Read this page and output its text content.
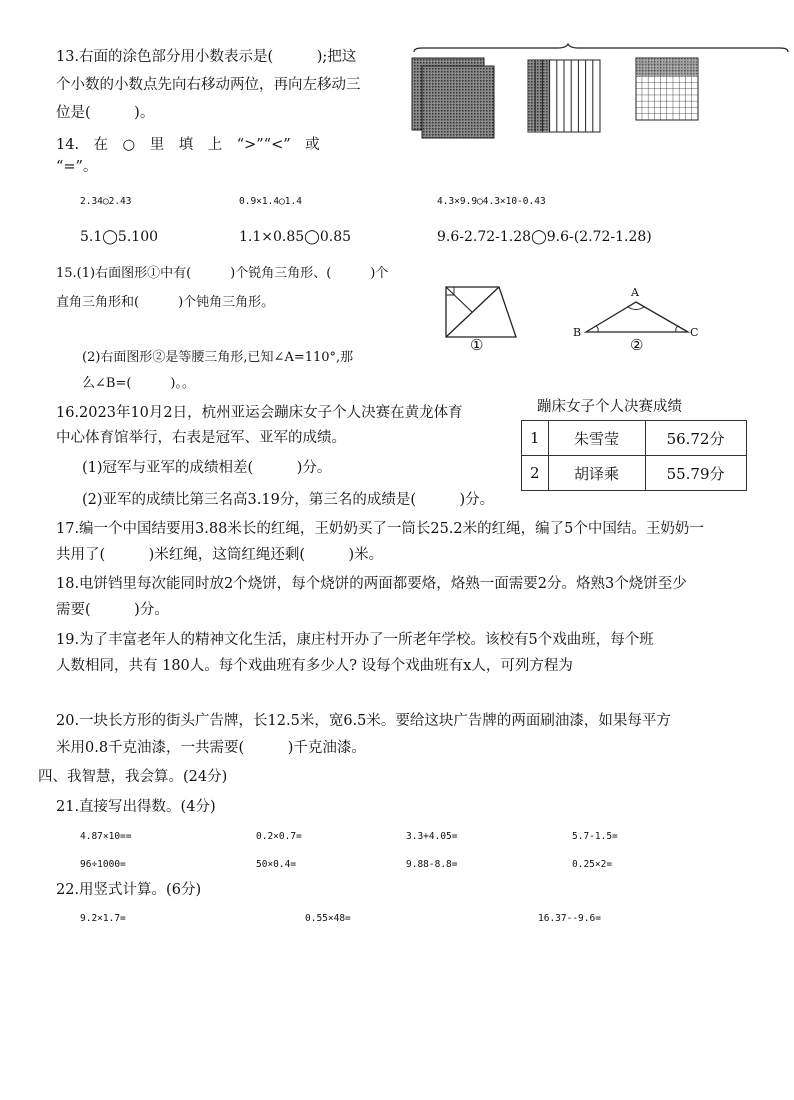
13.右面的涂色部分用小数表示是(　　　);把这
个小数的小数点先向右移动两位，再向左移动三
位是(　　　)。
14.　在　○　里　填　上　“>”“<”　或
“=”。
2.34◯2.43	0.9×1.4◯1.4	4.3×9.9◯4.3×10-0.43
5.1◯5.100	1.1×0.85◯0.85	9.6-2.72-1.28◯9.6-(2.72-1.28)
15.(1)右面图形①中有(　　　)个锐角三角形、(　　　)个
直角三角形和(　　　)个钝角三角形。
(2)右面图形②是等腰三角形,已知∠A=110°,那
么∠B=(　　　)。。
①
A
B	C
②
16.2023年10月2日，杭州亚运会蹦床女子个人决赛在黄龙体育
中心体育馆举行，右表是冠军、亚军的成绩。
(1)冠军与亚军的成绩相差(　　　)分。
(2)亚军的成绩比第三名高3.19分，第三名的成绩是(　　　)分。
蹦床女子个人决赛成绩
1	朱雪莹	56.72分
2	胡译乘	55.79分
17.编一个中国结要用3.88米长的红绳，王奶奶买了一筒长25.2米的红绳，编了5个中国结。王奶奶一
共用了(　　　)米红绳，这筒红绳还剩(　　　)米。
18.电饼铛里每次能同时放2个烧饼，每个烧饼的两面都要烙，烙熟一面需要2分。烙熟3个烧饼至少
需要(　　　)分。
19.为了丰富老年人的精神文化生活，康庄村开办了一所老年学校。该校有5个戏曲班，每个班
人数相同，共有 180人。每个戏曲班有多少人? 设每个戏曲班有x人，可列方程为
20.一块长方形的街头广告牌，长12.5米，宽6.5米。要给这块广告牌的两面刷油漆，如果每平方
米用0.8千克油漆，一共需要(　　　)千克油漆。
四、我智慧，我会算。(24分)
21.直接写出得数。(4分)
4.87×10==	0.2×0.7=	3.3+4.05=	5.7-1.5=
96÷1000=	50×0.4=	9.88-8.8=	0.25×2=
22.用竖式计算。(6分)
9.2×1.7=	0.55×48=	16.37--9.6=
